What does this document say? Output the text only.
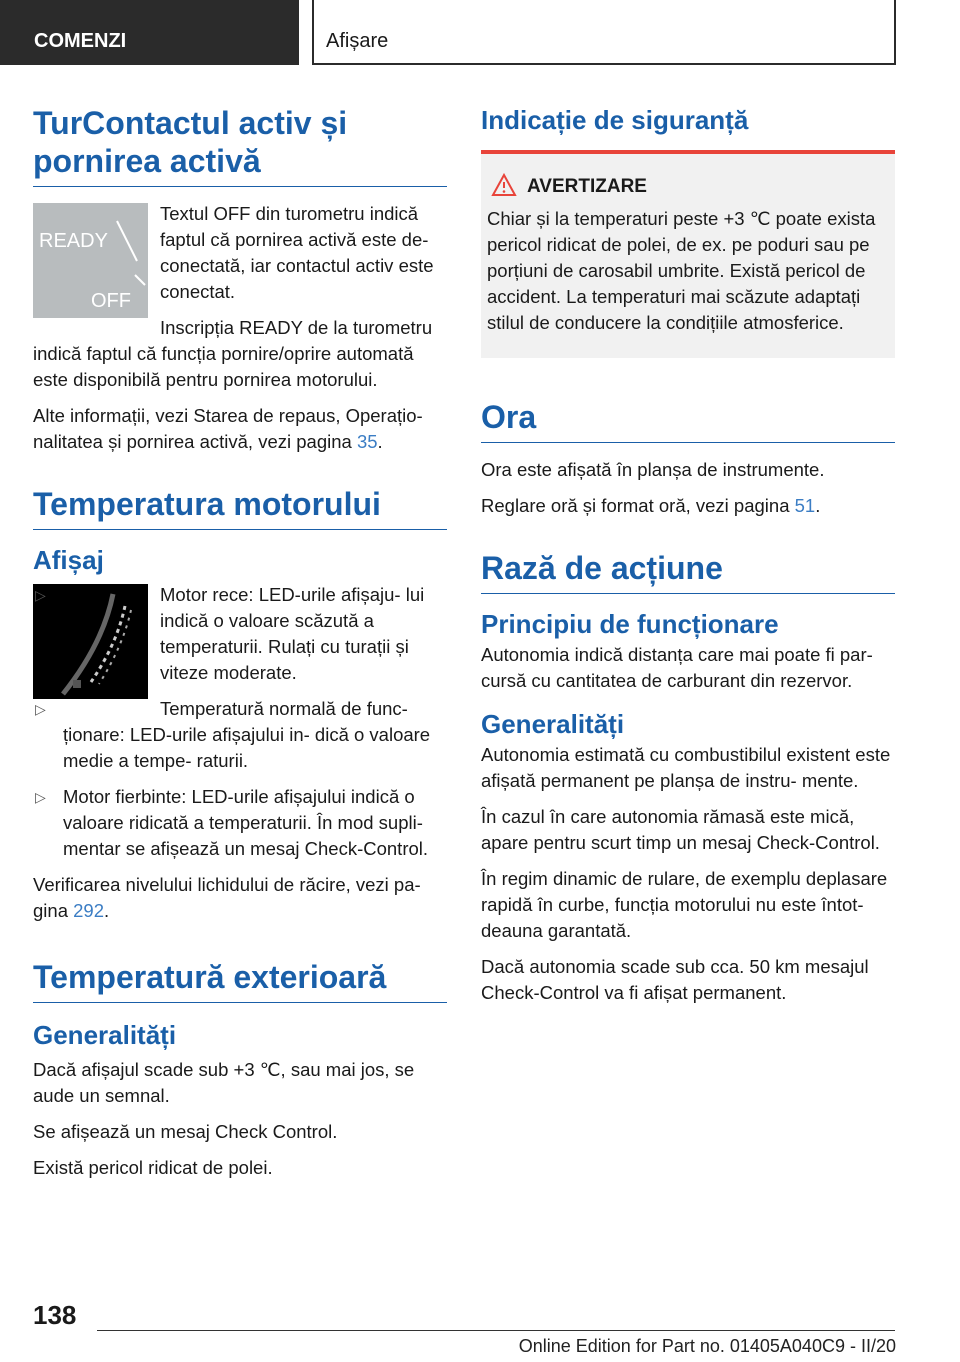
COMENZI	Afișare
TurContactul activ și pornirea activă
READY
OFF
Textul OFF din turometru indică faptul că pornirea activă este de- conectată, iar contactul activ este conectat.
Inscripția READY de la turometru indică faptul că funcția pornire/oprire automată este disponibilă pentru pornirea motorului.
Alte informații, vezi Starea de repaus, Operațio- nalitatea și pornirea activă, vezi pagina 35.
Temperatura motorului
Afișaj
▷	Motor rece: LED-urile afișaju- lui indică o valoare scăzută a temperaturii. Rulați cu turații și viteze moderate.
▷	Temperatură normală de func- ționare: LED-urile afișajului in- dică o valoare medie a tempe- raturii.
▷ Motor fierbinte: LED-urile afișajului indică o valoare ridicată a temperaturii. În mod supli- mentar se afișează un mesaj Check-Control.
Verificarea nivelului lichidului de răcire, vezi pa- gina 292.
Temperatură exterioară
Generalități
Dacă afișajul scade sub +3 ℃, sau mai jos, se aude un semnal.
Se afișează un mesaj Check Control.
Există pericol ridicat de polei.
Indicație de siguranță
AVERTIZARE
Chiar și la temperaturi peste +3 ℃ poate exista pericol ridicat de polei, de ex. pe poduri sau pe porțiuni de carosabil umbrite. Există pericol de accident. La temperaturi mai scăzute adaptați stilul de conducere la condițiile atmosferice.
Ora
Ora este afișată în planșa de instrumente.
Reglare oră și format oră, vezi pagina 51.
Rază de acțiune
Principiu de funcționare
Autonomia indică distanța care mai poate fi par- cursă cu cantitatea de carburant din rezervor.
Generalități
Autonomia estimată cu combustibilul existent este afișată permanent pe planșa de instru- mente.
În cazul în care autonomia rămasă este mică, apare pentru scurt timp un mesaj Check-Control.
În regim dinamic de rulare, de exemplu deplasare rapidă în curbe, funcția motorului nu este întot- deauna garantată.
Dacă autonomia scade sub cca. 50 km mesajul Check-Control va fi afișat permanent.
138
Online Edition for Part no. 01405A040C9 - II/20
